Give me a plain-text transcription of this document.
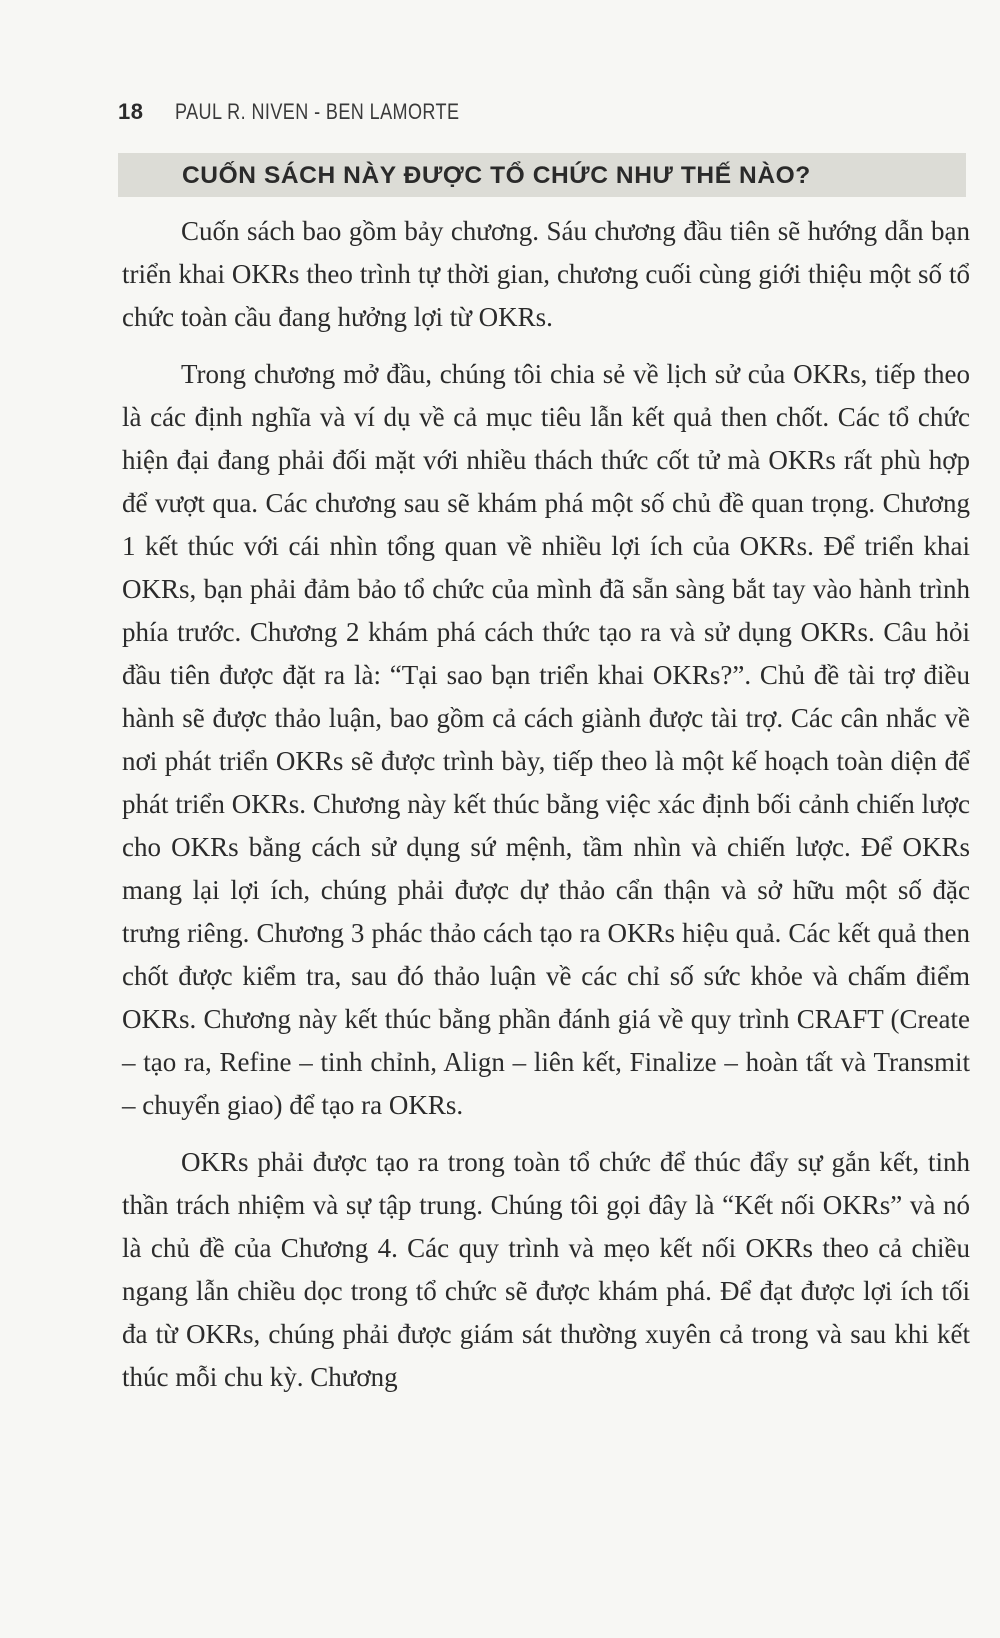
18 PAUL R. NIVEN - BEN LAMORTE
CUỐN SÁCH NÀY ĐƯỢC TỔ CHỨC NHƯ THẾ NÀO?

Cuốn sách bao gồm bảy chương. Sáu chương đầu tiên sẽ hướng dẫn bạn triển khai OKRs theo trình tự thời gian, chương cuối cùng giới thiệu một số tổ chức toàn cầu đang hưởng lợi từ OKRs.

Trong chương mở đầu, chúng tôi chia sẻ về lịch sử của OKRs, tiếp theo là các định nghĩa và ví dụ về cả mục tiêu lẫn kết quả then chốt. Các tổ chức hiện đại đang phải đối mặt với nhiều thách thức cốt tử mà OKRs rất phù hợp để vượt qua. Các chương sau sẽ khám phá một số chủ đề quan trọng. Chương 1 kết thúc với cái nhìn tổng quan về nhiều lợi ích của OKRs. Để triển khai OKRs, bạn phải đảm bảo tổ chức của mình đã sẵn sàng bắt tay vào hành trình phía trước. Chương 2 khám phá cách thức tạo ra và sử dụng OKRs. Câu hỏi đầu tiên được đặt ra là: “Tại sao bạn triển khai OKRs?”. Chủ đề tài trợ điều hành sẽ được thảo luận, bao gồm cả cách giành được tài trợ. Các cân nhắc về nơi phát triển OKRs sẽ được trình bày, tiếp theo là một kế hoạch toàn diện để phát triển OKRs. Chương này kết thúc bằng việc xác định bối cảnh chiến lược cho OKRs bằng cách sử dụng sứ mệnh, tầm nhìn và chiến lược. Để OKRs mang lại lợi ích, chúng phải được dự thảo cẩn thận và sở hữu một số đặc trưng riêng. Chương 3 phác thảo cách tạo ra OKRs hiệu quả. Các kết quả then chốt được kiểm tra, sau đó thảo luận về các chỉ số sức khỏe và chấm điểm OKRs. Chương này kết thúc bằng phần đánh giá về quy trình CRAFT (Create – tạo ra, Refine – tinh chỉnh, Align – liên kết, Finalize – hoàn tất và Transmit – chuyển giao) để tạo ra OKRs.

OKRs phải được tạo ra trong toàn tổ chức để thúc đẩy sự gắn kết, tinh thần trách nhiệm và sự tập trung. Chúng tôi gọi đây là “Kết nối OKRs” và nó là chủ đề của Chương 4. Các quy trình và mẹo kết nối OKRs theo cả chiều ngang lẫn chiều dọc trong tổ chức sẽ được khám phá. Để đạt được lợi ích tối đa từ OKRs, chúng phải được giám sát thường xuyên cả trong và sau khi kết thúc mỗi chu kỳ. Chương
